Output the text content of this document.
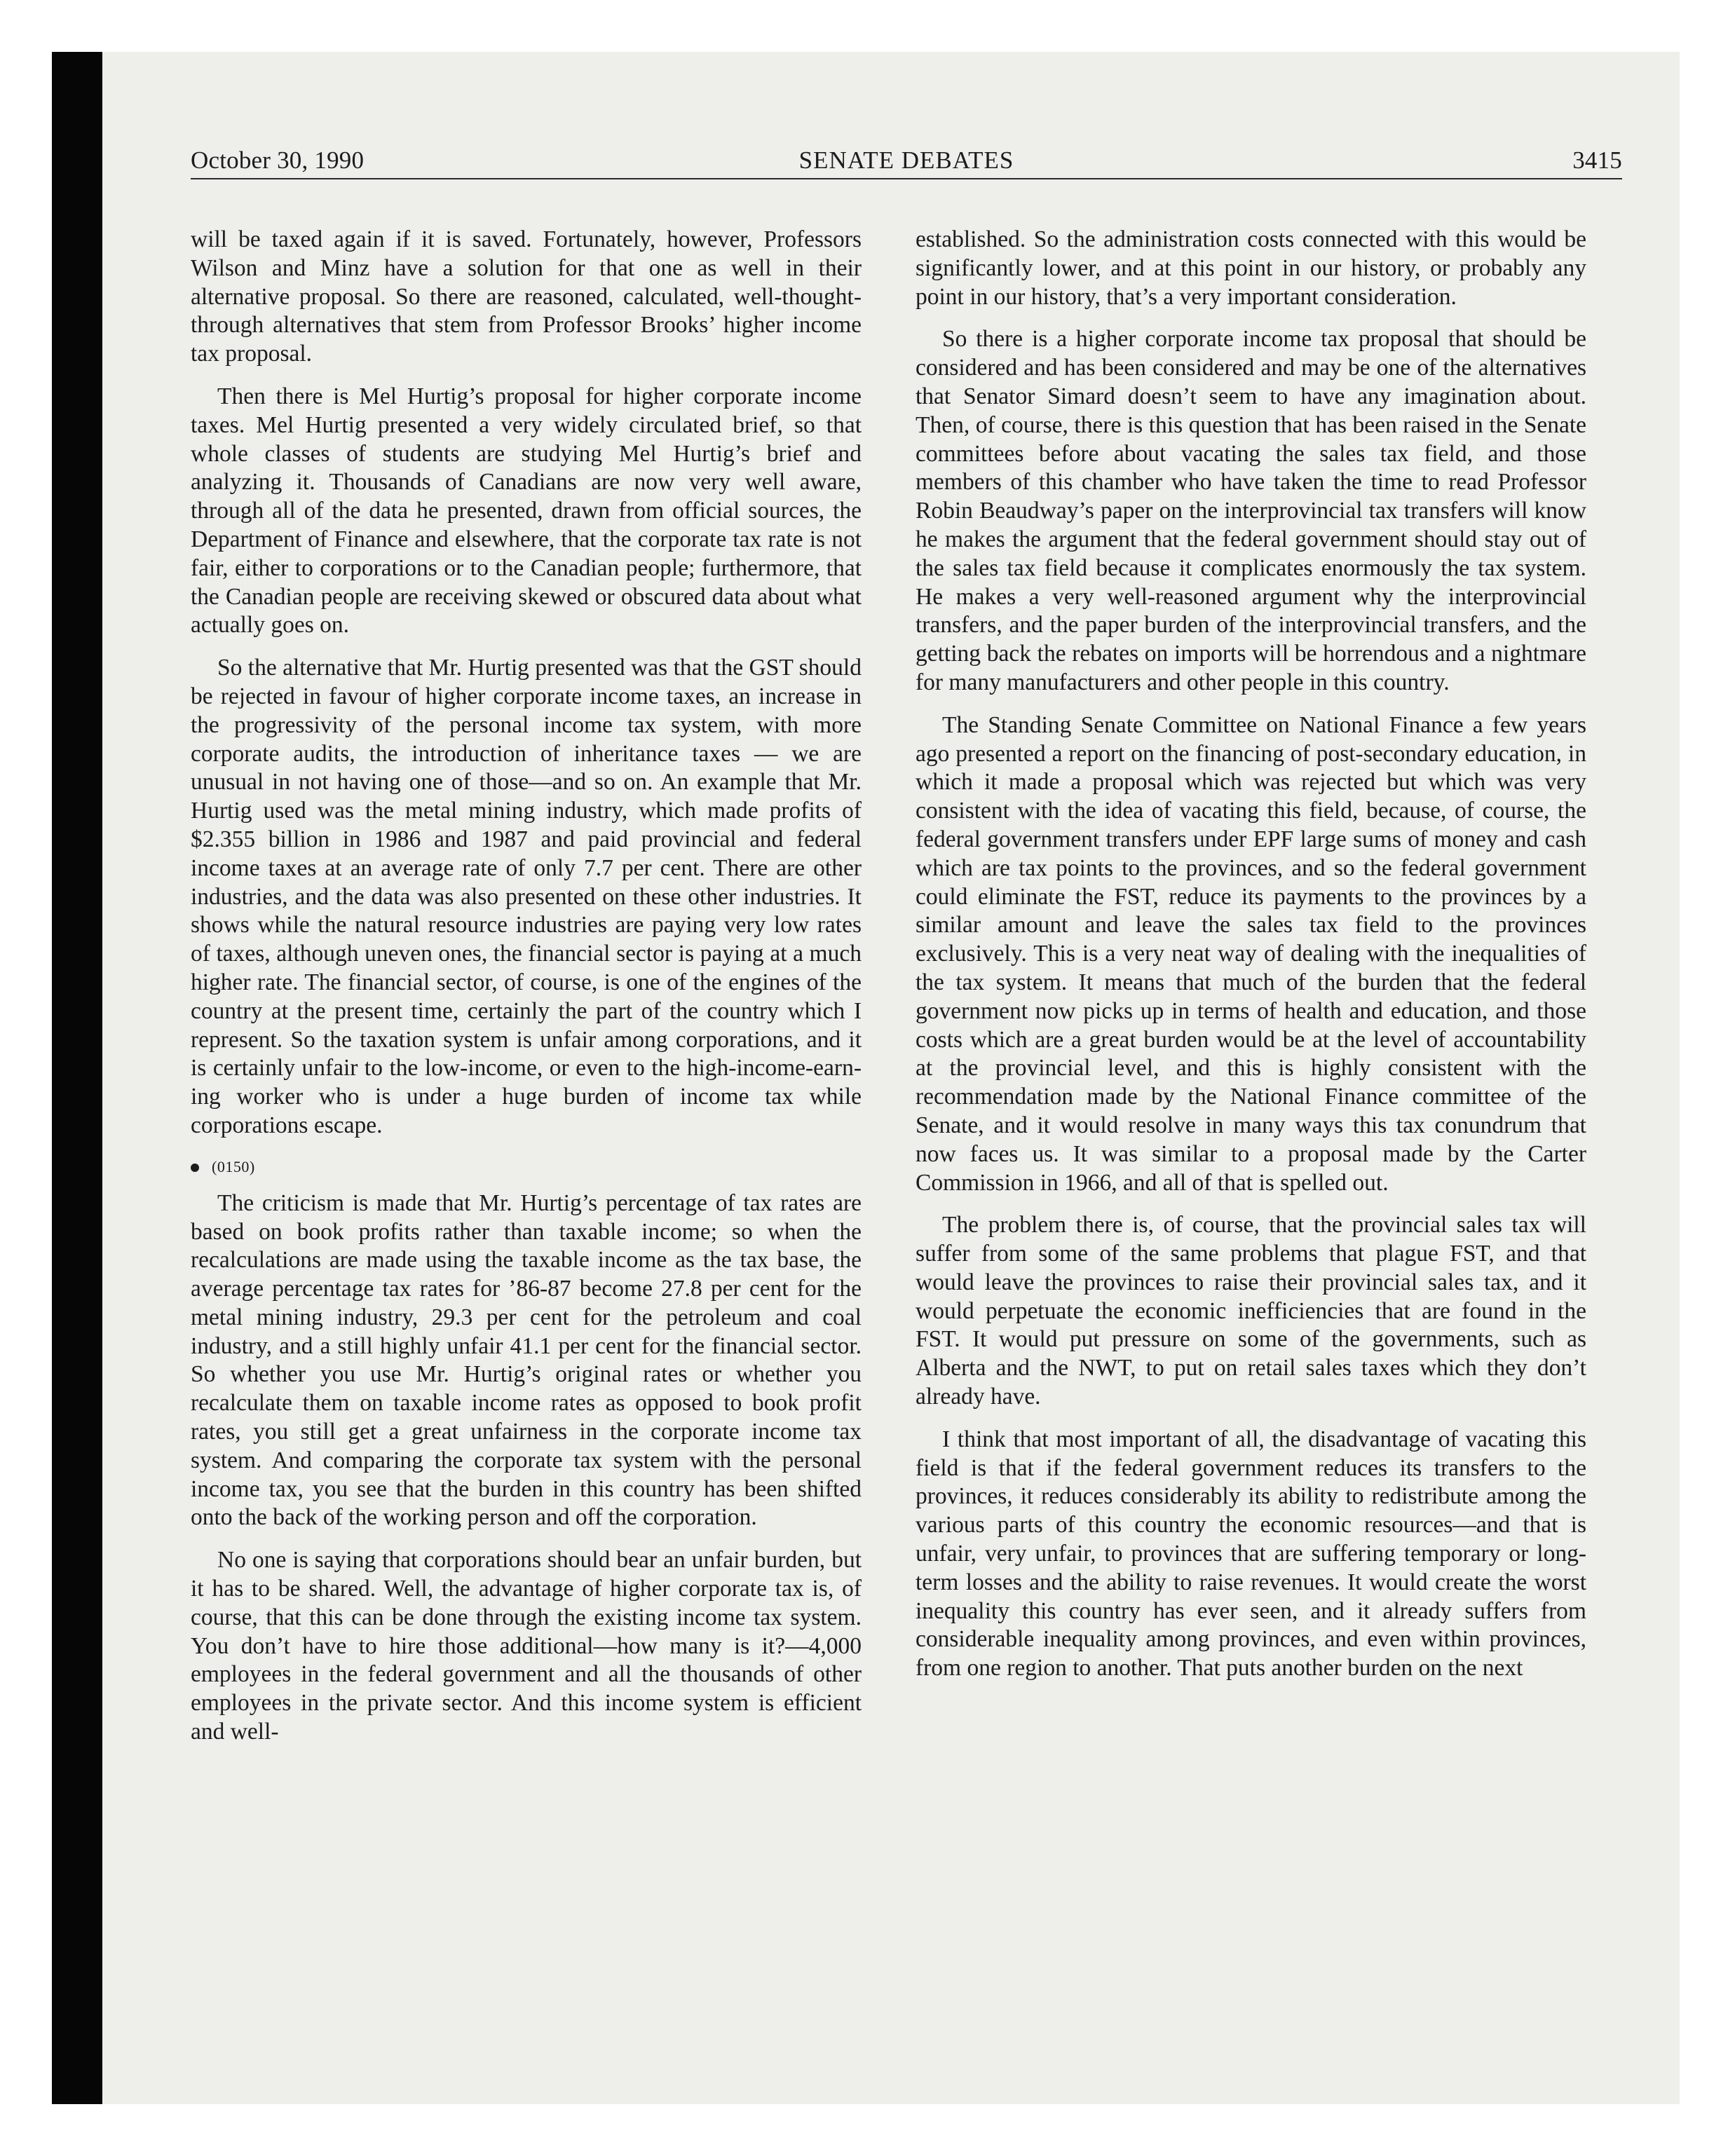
October 30, 1990	SENATE DEBATES	3415

will be taxed again if it is saved. Fortunately, however, Professors Wilson and Minz have a solution for that one as well in their alternative proposal. So there are reasoned, calculated, well-thought-through alternatives that stem from Professor Brooks’ higher income tax proposal.

Then there is Mel Hurtig’s proposal for higher corporate income taxes. Mel Hurtig presented a very widely circulated brief, so that whole classes of students are studying Mel Hurtig’s brief and analyzing it. Thousands of Canadians are now very well aware, through all of the data he presented, drawn from official sources, the Department of Finance and elsewhere, that the corporate tax rate is not fair, either to corporations or to the Canadian people; furthermore, that the Canadian people are receiving skewed or obscured data about what actually goes on.

So the alternative that Mr. Hurtig presented was that the GST should be rejected in favour of higher corporate income taxes, an increase in the progressivity of the personal income tax system, with more corporate audits, the introduction of inheritance taxes — we are unusual in not having one of those—and so on. An example that Mr. Hurtig used was the metal mining industry, which made profits of $2.355 billion in 1986 and 1987 and paid provincial and federal income taxes at an average rate of only 7.7 per cent. There are other industries, and the data was also presented on these other industries. It shows while the natural resource industries are paying very low rates of taxes, although uneven ones, the financial sector is paying at a much higher rate. The financial sector, of course, is one of the engines of the country at the present time, certainly the part of the country which I represent. So the taxation system is unfair among corporations, and it is certainly unfair to the low-income, or even to the high-income-earning worker who is under a huge burden of income tax while corporations escape.

(0150)

The criticism is made that Mr. Hurtig’s percentage of tax rates are based on book profits rather than taxable income; so when the recalculations are made using the taxable income as the tax base, the average percentage tax rates for ’86-87 become 27.8 per cent for the metal mining industry, 29.3 per cent for the petroleum and coal industry, and a still highly unfair 41.1 per cent for the financial sector. So whether you use Mr. Hurtig’s original rates or whether you recalculate them on taxable income rates as opposed to book profit rates, you still get a great unfairness in the corporate income tax system. And comparing the corporate tax system with the personal income tax, you see that the burden in this country has been shifted onto the back of the working person and off the corporation.

No one is saying that corporations should bear an unfair burden, but it has to be shared. Well, the advantage of higher corporate tax is, of course, that this can be done through the existing income tax system. You don’t have to hire those additional—how many is it?—4,000 employees in the federal government and all the thousands of other employees in the private sector. And this income system is efficient and well-

established. So the administration costs connected with this would be significantly lower, and at this point in our history, or probably any point in our history, that’s a very important consideration.

So there is a higher corporate income tax proposal that should be considered and has been considered and may be one of the alternatives that Senator Simard doesn’t seem to have any imagination about. Then, of course, there is this question that has been raised in the Senate committees before about vacating the sales tax field, and those members of this chamber who have taken the time to read Professor Robin Beaudway’s paper on the interprovincial tax transfers will know he makes the argument that the federal government should stay out of the sales tax field because it complicates enormously the tax system. He makes a very well-reasoned argument why the interprovincial transfers, and the paper burden of the interprovincial transfers, and the getting back the rebates on imports will be horrendous and a nightmare for many manufacturers and other people in this country.

The Standing Senate Committee on National Finance a few years ago presented a report on the financing of post-secondary education, in which it made a proposal which was rejected but which was very consistent with the idea of vacating this field, because, of course, the federal government transfers under EPF large sums of money and cash which are tax points to the provinces, and so the federal government could eliminate the FST, reduce its payments to the provinces by a similar amount and leave the sales tax field to the provinces exclusively. This is a very neat way of dealing with the inequalities of the tax system. It means that much of the burden that the federal government now picks up in terms of health and education, and those costs which are a great burden would be at the level of accountability at the provincial level, and this is highly consistent with the recommendation made by the National Finance committee of the Senate, and it would resolve in many ways this tax conundrum that now faces us. It was similar to a proposal made by the Carter Commission in 1966, and all of that is spelled out.

The problem there is, of course, that the provincial sales tax will suffer from some of the same problems that plague FST, and that would leave the provinces to raise their provincial sales tax, and it would perpetuate the economic inefficiencies that are found in the FST. It would put pressure on some of the governments, such as Alberta and the NWT, to put on retail sales taxes which they don’t already have.

I think that most important of all, the disadvantage of vacating this field is that if the federal government reduces its transfers to the provinces, it reduces considerably its ability to redistribute among the various parts of this country the economic resources—and that is unfair, very unfair, to provinces that are suffering temporary or long-term losses and the ability to raise revenues. It would create the worst inequality this country has ever seen, and it already suffers from considerable inequality among provinces, and even within provinces, from one region to another. That puts another burden on the next
